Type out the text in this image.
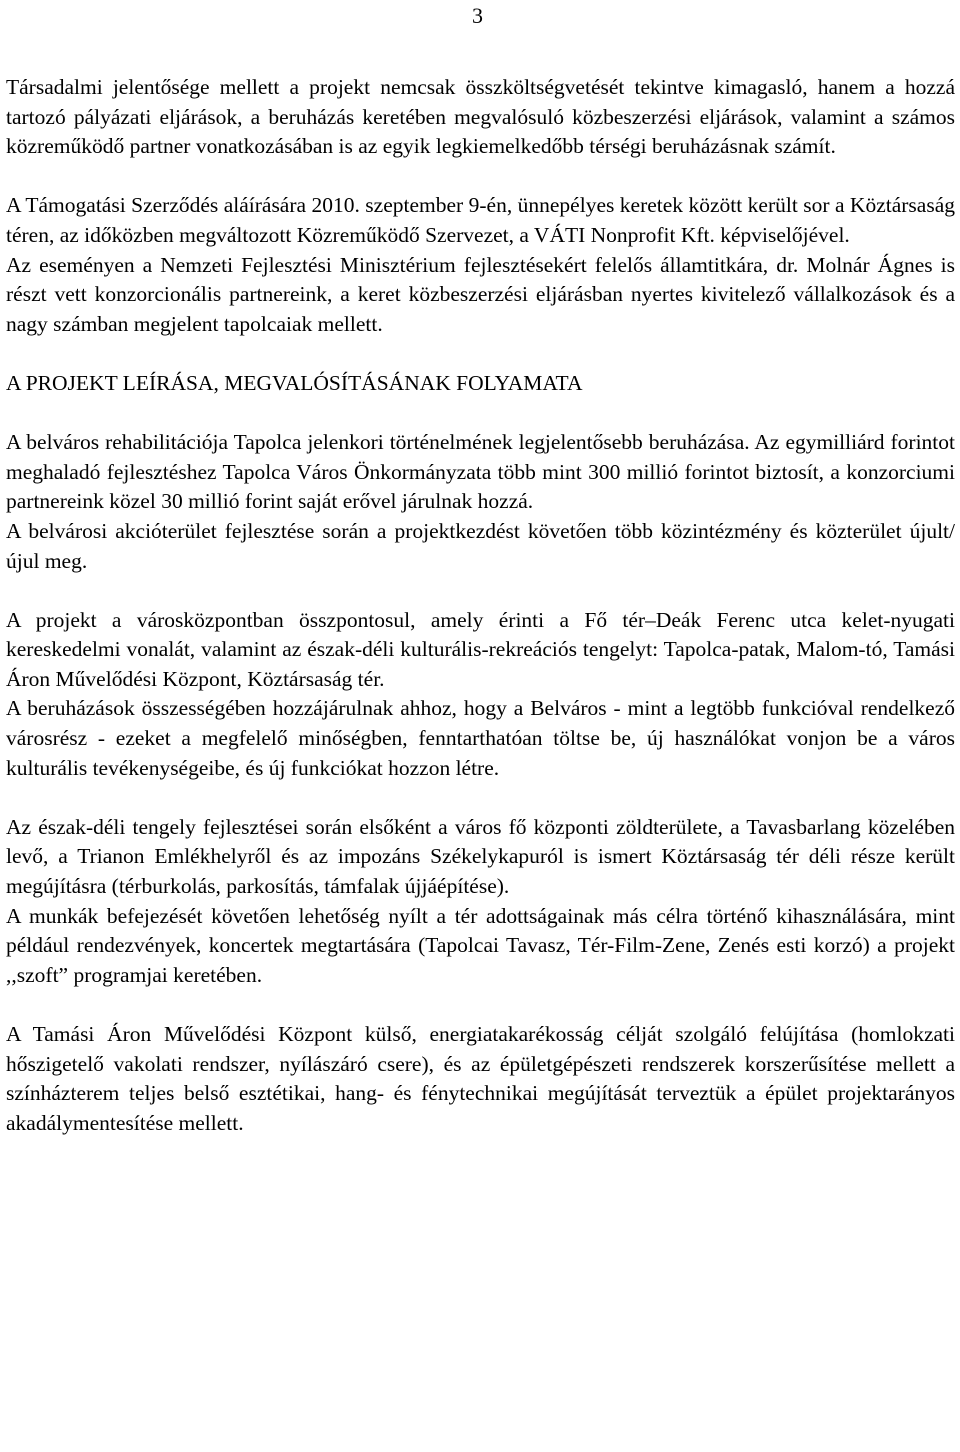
3

Társadalmi jelentősége mellett a projekt nemcsak összköltségvetését tekintve kimagasló, hanem a hozzá tartozó pályázati eljárások, a beruházás keretében megvalósuló közbeszerzési eljárások, valamint a számos közreműködő partner vonatkozásában is az egyik legkiemelkedőbb térségi beruházásnak számít.

A Támogatási Szerződés aláírására 2010. szeptember 9-én, ünnepélyes keretek között került sor a Köztársaság téren, az időközben megváltozott Közreműködő Szervezet, a VÁTI Nonprofit Kft. képviselőjével.

Az eseményen a Nemzeti Fejlesztési Minisztérium fejlesztésekért felelős államtitkára, dr. Molnár Ágnes is részt vett konzorcionális partnereink, a keret közbeszerzési eljárásban nyertes kivitelező vállalkozások és a nagy számban megjelent tapolcaiak mellett.

A PROJEKT LEÍRÁSA, MEGVALÓSÍTÁSÁNAK FOLYAMATA

A belváros rehabilitációja Tapolca jelenkori történelmének legjelentősebb beruházása. Az egymilliárd forintot meghaladó fejlesztéshez Tapolca Város Önkormányzata több mint 300 millió forintot biztosít, a konzorciumi partnereink közel 30 millió forint saját erővel járulnak hozzá.

A belvárosi akcióterület fejlesztése során a projektkezdést követően több közintézmény és közterület újult/újul meg.

A projekt a városközpontban összpontosul, amely érinti a Fő tér–Deák Ferenc utca kelet-nyugati kereskedelmi vonalát, valamint az észak-déli kulturális-rekreációs tengelyt: Tapolca-patak, Malom-tó, Tamási Áron Művelődési Központ, Köztársaság tér.

A beruházások összességében hozzájárulnak ahhoz, hogy a Belváros - mint a legtöbb funkcióval rendelkező városrész - ezeket a megfelelő minőségben, fenntarthatóan töltse be, új használókat vonjon be a város kulturális tevékenységeibe, és új funkciókat hozzon létre.

Az észak-déli tengely fejlesztései során elsőként a város fő központi zöldterülete, a Tavasbarlang közelében levő, a Trianon Emlékhelyről és az impozáns Székelykapuról is ismert Köztársaság tér déli része került megújításra (térburkolás, parkosítás, támfalak újjáépítése).

A munkák befejezését követően lehetőség nyílt a tér adottságainak más célra történő kihasználására, mint például rendezvények, koncertek megtartására (Tapolcai Tavasz, Tér-Film-Zene, Zenés esti korzó) a projekt ,,szoft” programjai keretében.

A Tamási Áron Művelődési Központ külső, energiatakarékosság célját szolgáló felújítása (homlokzati hőszigetelő vakolati rendszer, nyílászáró csere), és az épületgépészeti rendszerek korszerűsítése mellett a színházterem teljes belső esztétikai, hang- és fénytechnikai megújítását terveztük a épület projektarányos akadálymentesítése mellett.
